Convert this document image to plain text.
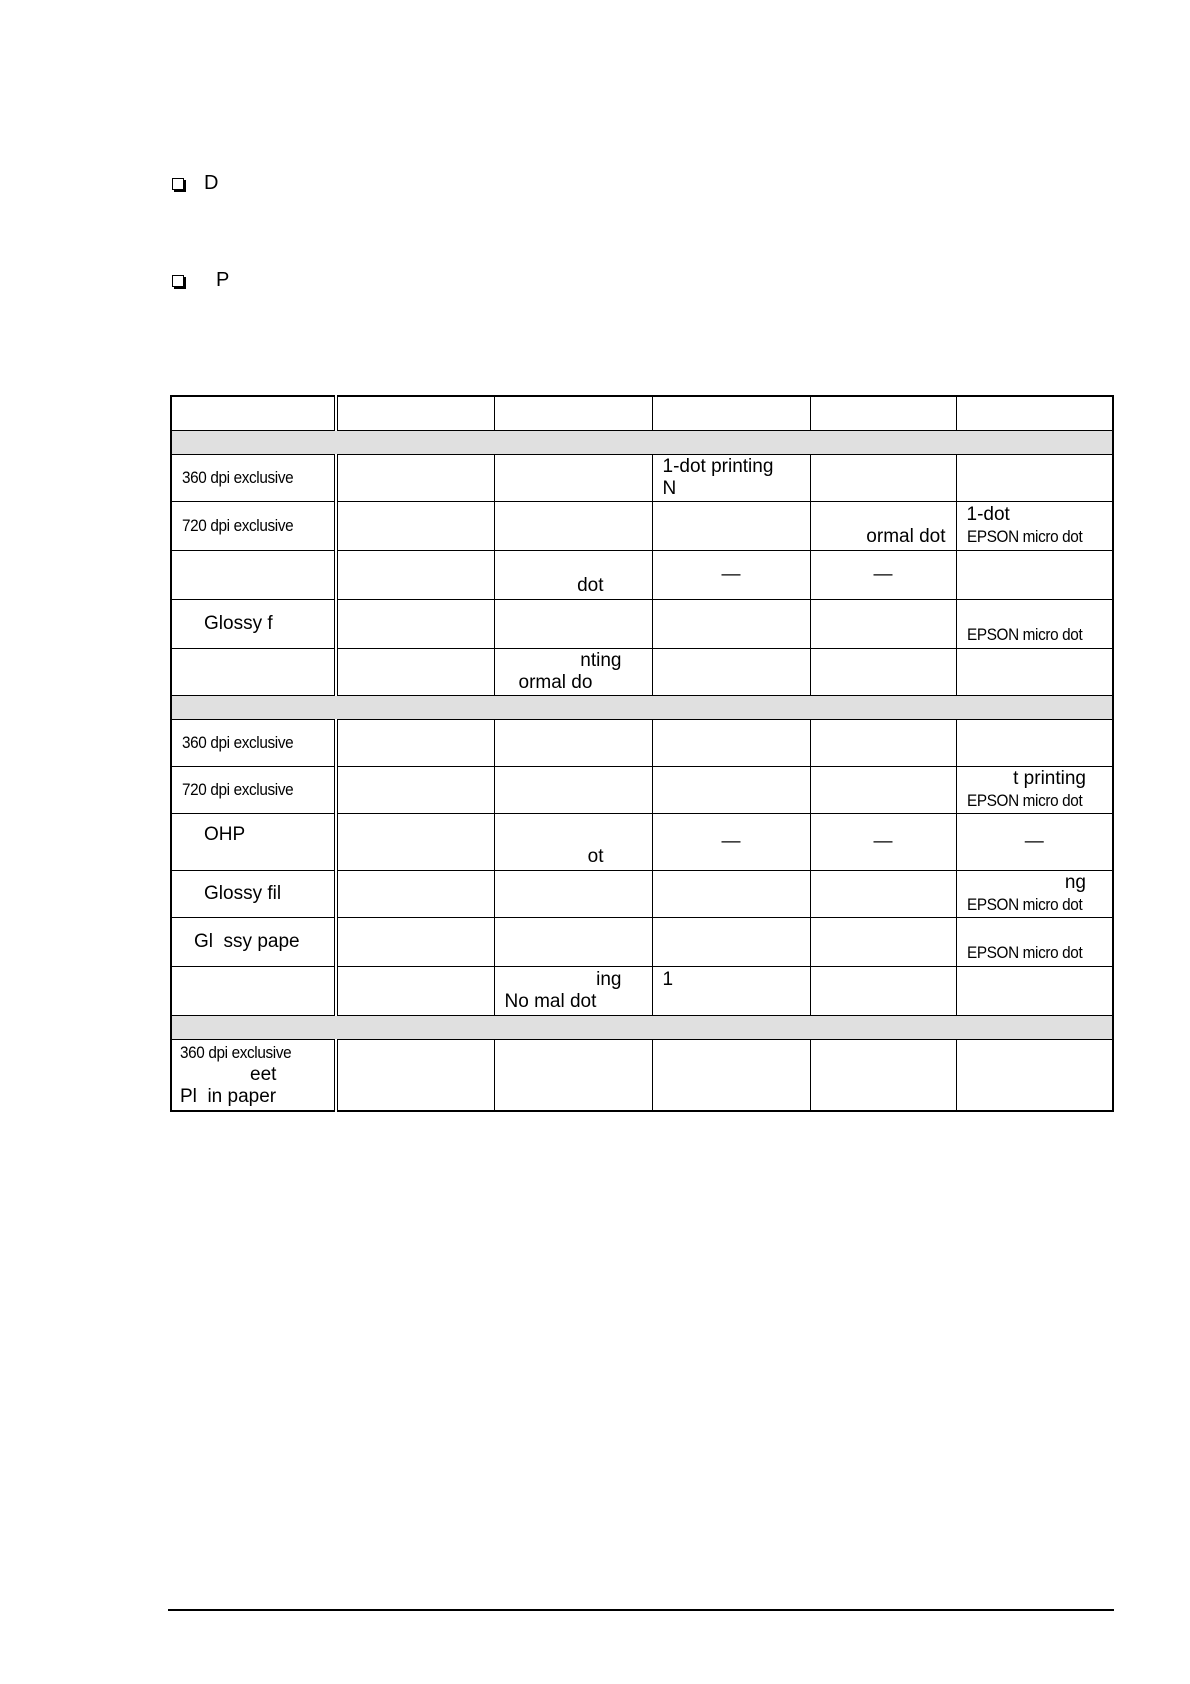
D
P

360 dpi exclusive			1-dot printing
N		

720 dpi exclusive				ormal dot	1-dot
EPSON micro dot

		dot	—	—	

Glossy f					EPSON micro dot

		nting
ormal do			

360 dpi exclusive					

720 dpi exclusive					t printing
EPSON micro dot

OHP		ot	—	—	—

Glossy fil					ng
EPSON micro dot

Gl  ssy pape					EPSON micro dot

		ing
No mal dot	1		

360 dpi exclusive
eet
Pl  in paper					
